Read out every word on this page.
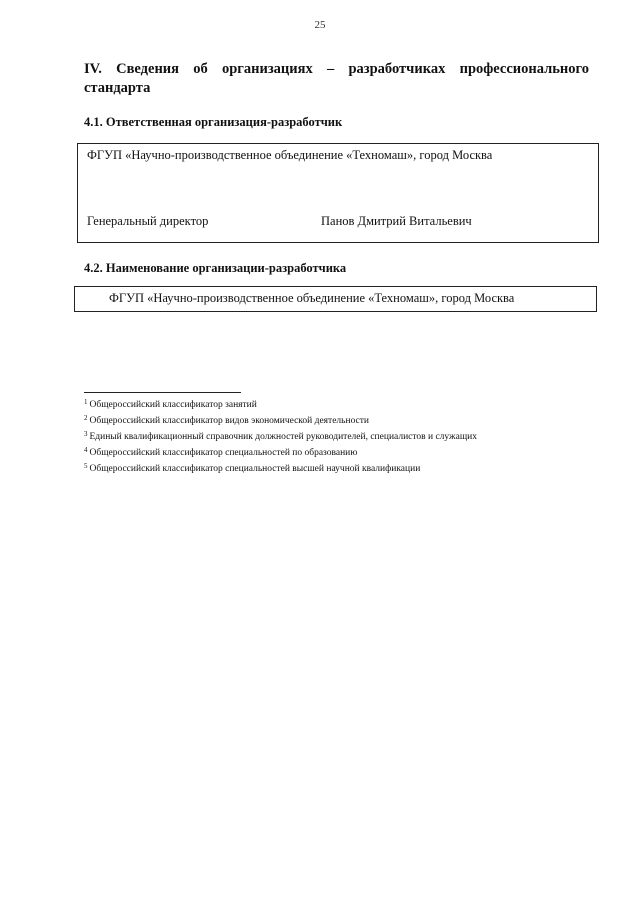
25
IV. Сведения об организациях – разработчиках профессионального
стандарта
4.1. Ответственная организация-разработчик
ФГУП «Научно-производственное объединение «Техномаш», город Москва
Генеральный директор	Панов Дмитрий Витальевич
4.2. Наименование организации-разработчика
ФГУП «Научно-производственное объединение «Техномаш», город Москва
$^1$ Общероссийский классификатор занятий
$^2$ Общероссийский классификатор видов экономической деятельности
$^3$ Единый квалификационный справочник должностей руководителей, специалистов и служащих
$^4$ Общероссийский классификатор специальностей по образованию
$^5$ Общероссийский классификатор специальностей высшей научной квалификации
